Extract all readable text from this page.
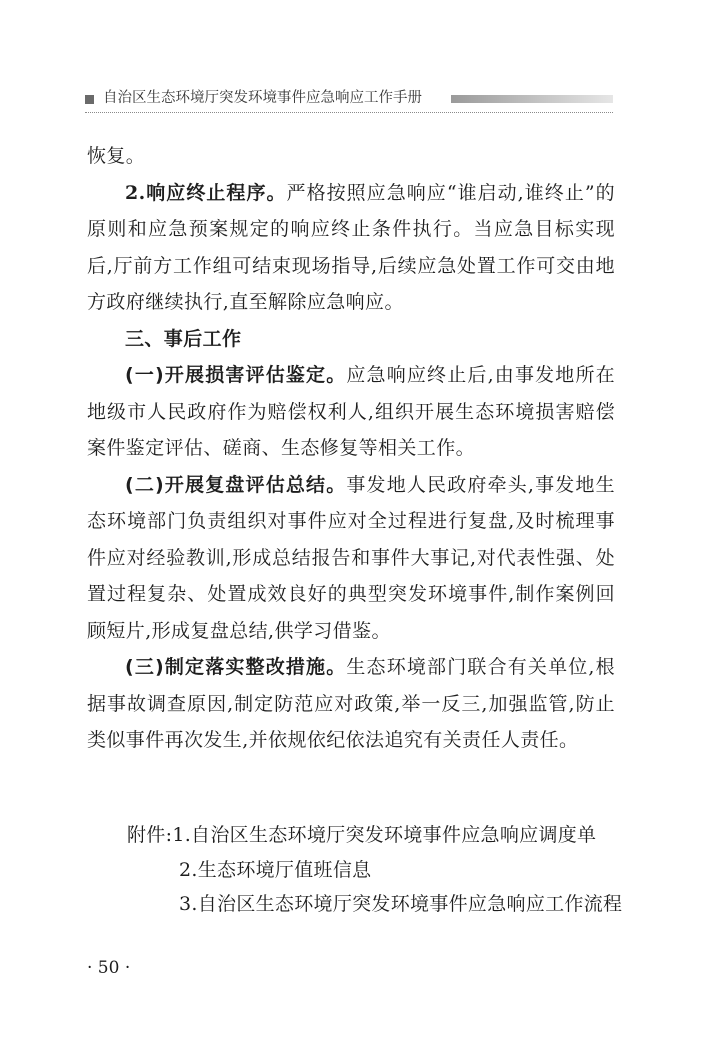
自治区生态环境厅突发环境事件应急响应工作手册

恢复。

2.响应终止程序。严格按照应急响应“谁启动,谁终止”的原则和应急预案规定的响应终止条件执行。当应急目标实现后,厅前方工作组可结束现场指导,后续应急处置工作可交由地方政府继续执行,直至解除应急响应。

三、事后工作

(一)开展损害评估鉴定。应急响应终止后,由事发地所在地级市人民政府作为赔偿权利人,组织开展生态环境损害赔偿案件鉴定评估、磋商、生态修复等相关工作。

(二)开展复盘评估总结。事发地人民政府牵头,事发地生态环境部门负责组织对事件应对全过程进行复盘,及时梳理事件应对经验教训,形成总结报告和事件大事记,对代表性强、处置过程复杂、处置成效良好的典型突发环境事件,制作案例回顾短片,形成复盘总结,供学习借鉴。

(三)制定落实整改措施。生态环境部门联合有关单位,根据事故调查原因,制定防范应对政策,举一反三,加强监管,防止类似事件再次发生,并依规依纪依法追究有关责任人责任。

附件:1.自治区生态环境厅突发环境事件应急响应调度单
2.生态环境厅值班信息
3.自治区生态环境厅突发环境事件应急响应工作流程
· 50 ·
